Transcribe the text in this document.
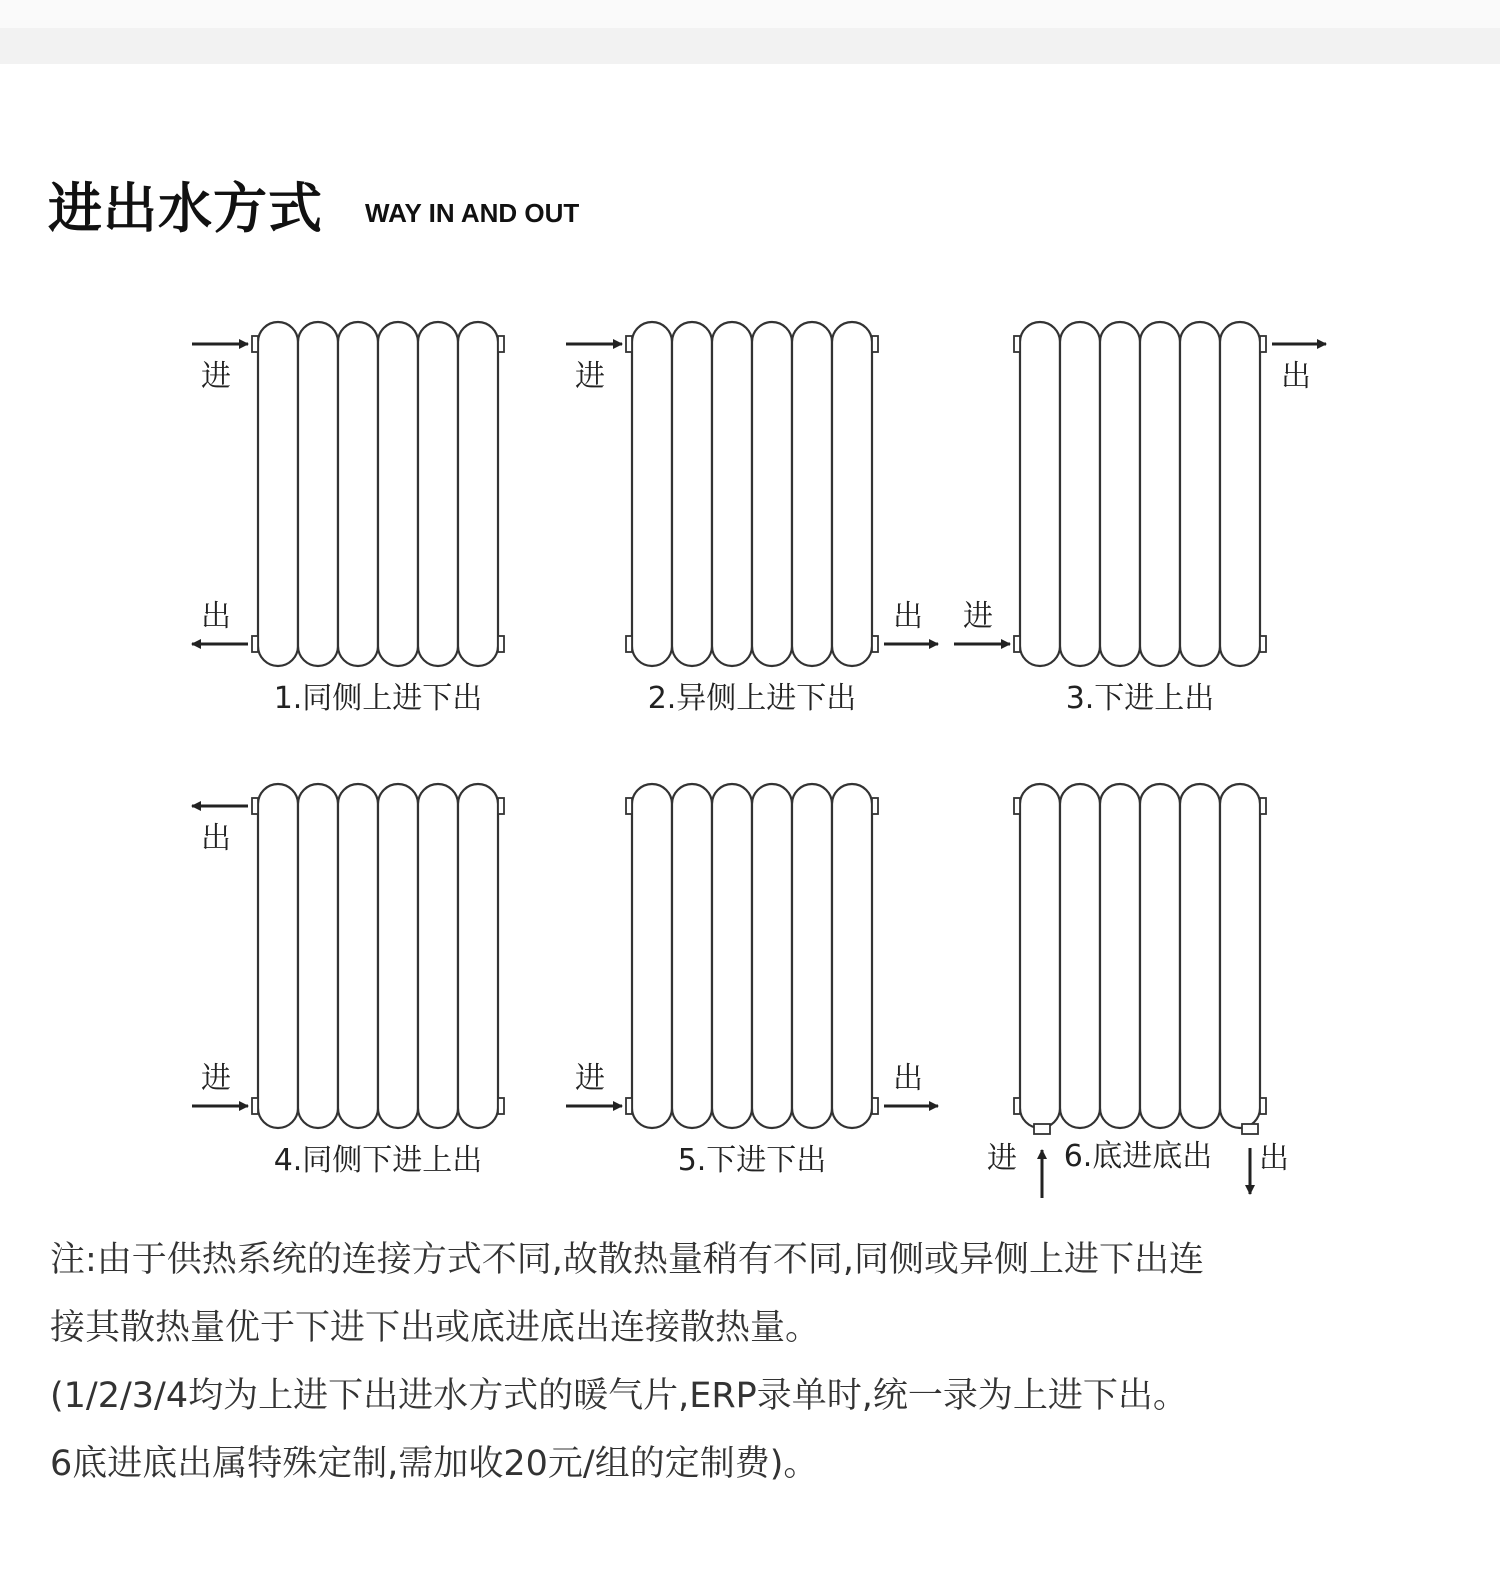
进出水方式 WAY IN AND OUT
进
出
1.同侧上进下出
进
出
2.异侧上进下出
出
进
3.下进上出
出
进
4.同侧下进上出
进	出
5.下进下出	进	出
6.底进底出

注:由于供热系统的连接方式不同,故散热量稍有不同,同侧或异侧上进下出连

接其散热量优于下进下出或底进底出连接散热量。

(1/2/3/4均为上进下出进水方式的暖气片,ERP录单时,统一录为上进下出。

6底进底出属特殊定制,需加收20元/组的定制费)。
